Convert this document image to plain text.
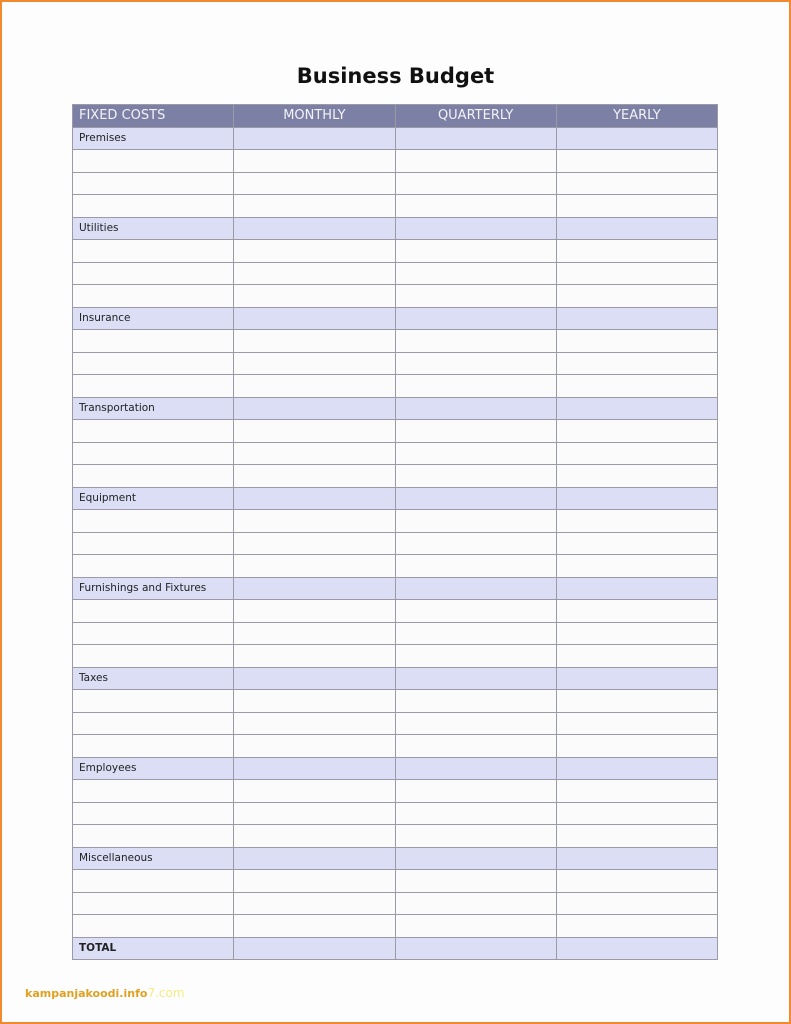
Business Budget
FIXED COSTS	MONTHLY	QUARTERLY	YEARLY
Premises			

Utilities			

Insurance			

Transportation			

Equipment			

Furnishings and Fixtures			

Taxes			

Employees			

Miscellaneous			

TOTAL			
kampanjakoodi.info7.com
